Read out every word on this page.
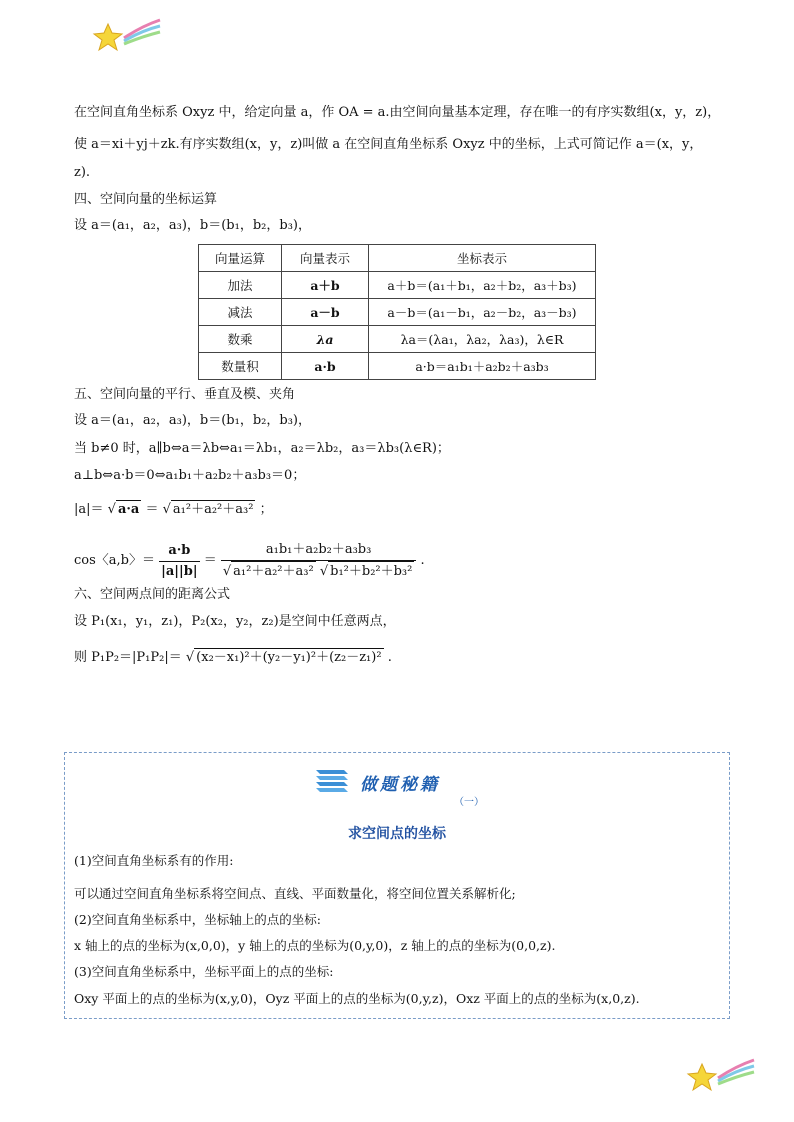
在空间直角坐标系 Oxyz 中，给定向量 a，作 OA = a.由空间向量基本定理，存在唯一的有序实数组(x，y，z)，
使 a＝xi＋yj＋zk.有序实数组(x，y，z)叫做 a 在空间直角坐标系 Oxyz 中的坐标，上式可简记作 a＝(x，y，
z).
四、空间向量的坐标运算
设 a＝(a₁，a₂，a₃)，b＝(b₁，b₂，b₃)，
向量运算	向量表示	坐标表示
加法	a＋b	a＋b＝(a₁＋b₁，a₂＋b₂，a₃＋b₃)
减法	a－b	a－b＝(a₁－b₁，a₂－b₂，a₃－b₃)
数乘	λa	λa＝(λa₁，λa₂，λa₃)，λ∈R
数量积	a·b	a·b＝a₁b₁＋a₂b₂＋a₃b₃
五、空间向量的平行、垂直及模、夹角
设 a＝(a₁，a₂，a₃)，b＝(b₁，b₂，b₃)，
当 b≠0 时，a∥b⇔a＝λb⇔a₁＝λb₁，a₂＝λb₂，a₃＝λb₃(λ∈R)；
a⊥b⇔a·b＝0⇔a₁b₁＋a₂b₂＋a₃b₃＝0；
|a|＝ √ a·a ＝ √ a₁²＋a₂²＋a₃² ；
cos〈a,b〉＝ $\frac{a\cdot b}{|a||b|} = \frac{\text{a₁b₁＋a₂b₂＋a₃b₃}}{\text{√ a₁²＋a₂²＋a₃² √ b₁²＋b₂²＋b₃²}}$ .
六、空间两点间的距离公式
设 P₁(x₁，y₁，z₁)，P₂(x₂，y₂，z₂)是空间中任意两点，
则 P₁P₂＝|P₁P₂|＝ √ (x₂－x₁)²＋(y₂－y₁)²＋(z₂－z₁)² .
求空间点的坐标
做题秘籍
（一）
(1)空间直角坐标系有的作用:
可以通过空间直角坐标系将空间点、直线、平面数量化，将空间位置关系解析化;
(2)空间直角坐标系中，坐标轴上的点的坐标:
x 轴上的点的坐标为(x,0,0)，y 轴上的点的坐标为(0,y,0)，z 轴上的点的坐标为(0,0,z).
(3)空间直角坐标系中，坐标平面上的点的坐标:
Oxy 平面上的点的坐标为(x,y,0)，Oyz 平面上的点的坐标为(0,y,z)，Oxz 平面上的点的坐标为(x,0,z).
